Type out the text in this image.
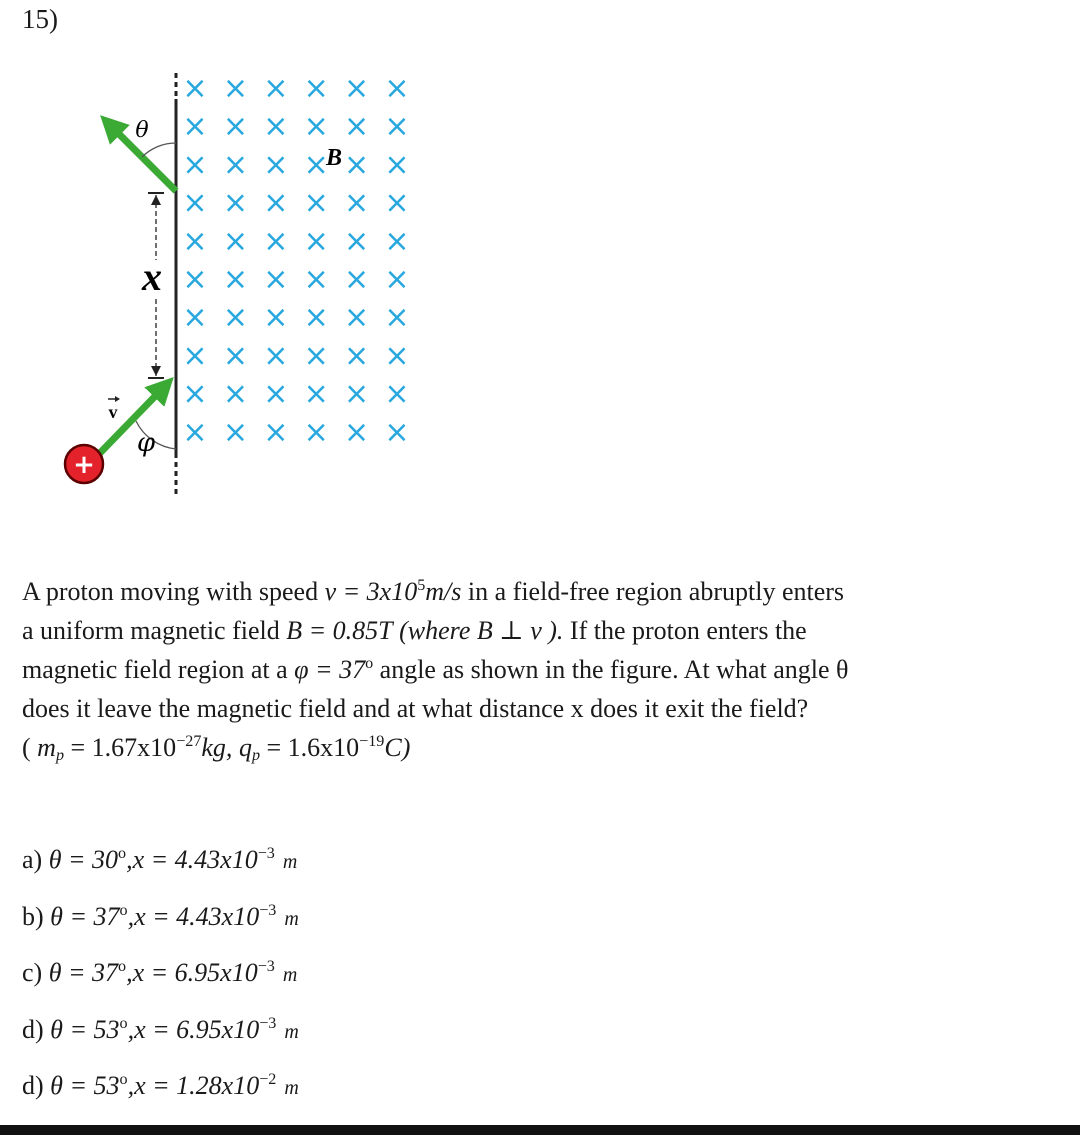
15)
× × × × × ×
× × × × × ×
× × × × × ×
× × × × × ×
× × × × × ×
× × × × × ×
× × × × × ×
× × × × × ×
× × × × × ×
× × × × × ×
θ
B
x
v
φ
+
A proton moving with speed $v = 3x10^5m/s$ in a field-free region abruptly enters
a uniform magnetic field B = 0.85T (where B ⊥ v ). If the proton enters the
magnetic field region at a $\varphi = 37^o$ angle as shown in the figure. At what angle θ
does it leave the magnetic field and at what distance x does it exit the field?
( $m_p = 1.67x10^{-27}kg$, $q_p = 1.6x10^{-19}C$)
a) $\theta = 30^o,x = 4.43x10^{-3}$ m
b) $\theta = 37^o,x = 4.43x10^{-3}$ m
c) $\theta = 37^o,x = 6.95x10^{-3}$ m
d) $\theta = 53^o,x = 6.95x10^{-3}$ m
d) $\theta = 53^o,x = 1.28x10^{-2}$ m
